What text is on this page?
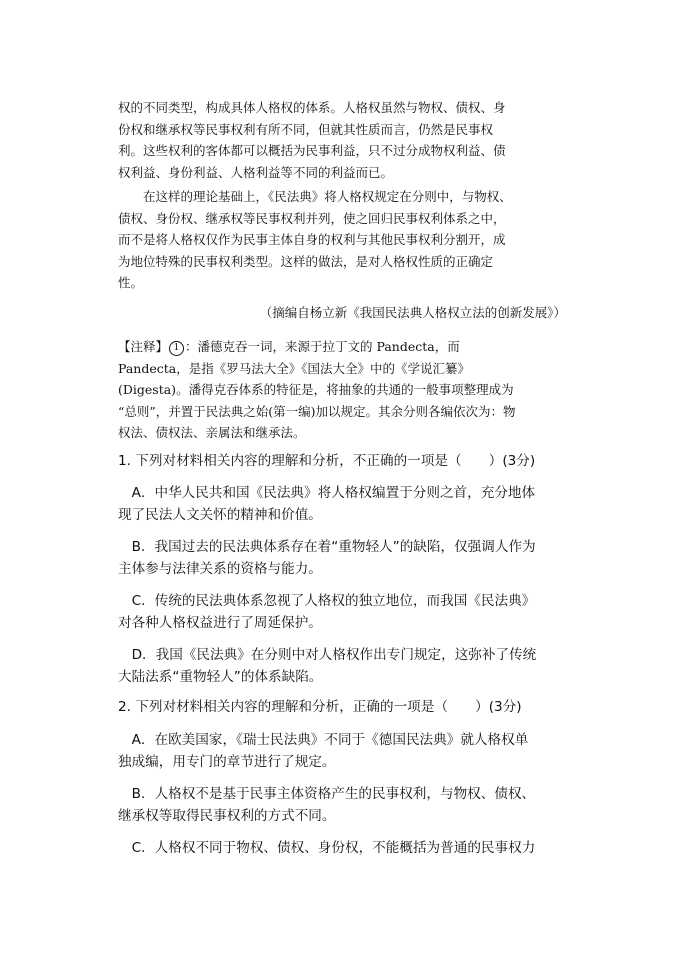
权的不同类型，构成具体人格权的体系。人格权虽然与物权、债权、身
份权和继承权等民事权利有所不同，但就其性质而言，仍然是民事权
利。这些权利的客体都可以概括为民事利益，只不过分成物权利益、债
权利益、身份利益、人格利益等不同的利益而已。
　　在这样的理论基础上，《民法典》将人格权规定在分则中，与物权、
债权、身份权、继承权等民事权利并列，使之回归民事权利体系之中，
而不是将人格权仅作为民事主体自身的权利与其他民事权利分割开，成
为地位特殊的民事权利类型。这样的做法，是对人格权性质的正确定
性。
（摘编自杨立新《我国民法典人格权立法的创新发展》）
【注释】 1 ：潘德克吞一词，来源于拉丁文的 Pandecta，而
Pandecta，是指《罗马法大全》《国法大全》中的《学说汇纂》
(Digesta)。潘得克吞体系的特征是，将抽象的共通的一般事项整理成为
“总则”，并置于民法典之始(第一编)加以规定。其余分则各编依次为：物
权法、债权法、亲属法和继承法。
1. 下列对材料相关内容的理解和分析，不正确的一项是（　　）(3分)
　A．中华人民共和国《民法典》将人格权编置于分则之首，充分地体
现了民法人文关怀的精神和价值。
　B．我国过去的民法典体系存在着“重物轻人”的缺陷，仅强调人作为
主体参与法律关系的资格与能力。
　C．传统的民法典体系忽视了人格权的独立地位，而我国《民法典》
对各种人格权益进行了周延保护。
　D．我国《民法典》在分则中对人格权作出专门规定，这弥补了传统
大陆法系“重物轻人”的体系缺陷。
2. 下列对材料相关内容的理解和分析，正确的一项是（　　）(3分)
　A．在欧美国家，《瑞士民法典》不同于《德国民法典》就人格权单
独成编，用专门的章节进行了规定。
　B．人格权不是基于民事主体资格产生的民事权利，与物权、债权、
继承权等取得民事权利的方式不同。
　C．人格权不同于物权、债权、身份权，不能概括为普通的民事权力
